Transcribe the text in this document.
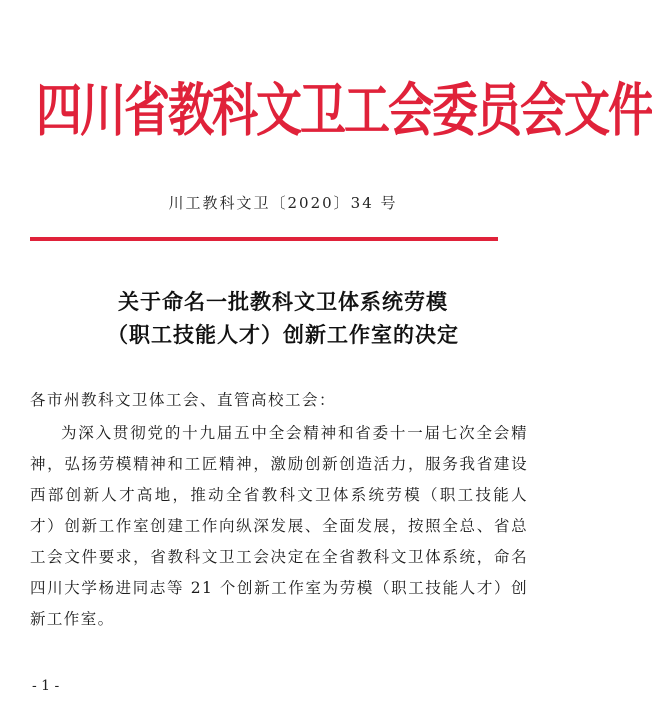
四川省教科文卫工会委员会文件
川工教科文卫〔2020〕34 号
关于命名一批教科文卫体系统劳模
（职工技能人才）创新工作室的决定
各市州教科文卫体工会、直管高校工会：
为深入贯彻党的十九届五中全会精神和省委十一届七次全会精神，弘扬劳模精神和工匠精神，激励创新创造活力，服务我省建设西部创新人才高地，推动全省教科文卫体系统劳模（职工技能人才）创新工作室创建工作向纵深发展、全面发展，按照全总、省总工会文件要求，省教科文卫工会决定在全省教科文卫体系统，命名四川大学杨进同志等 21 个创新工作室为劳模（职工技能人才）创新工作室。
- 1 -
